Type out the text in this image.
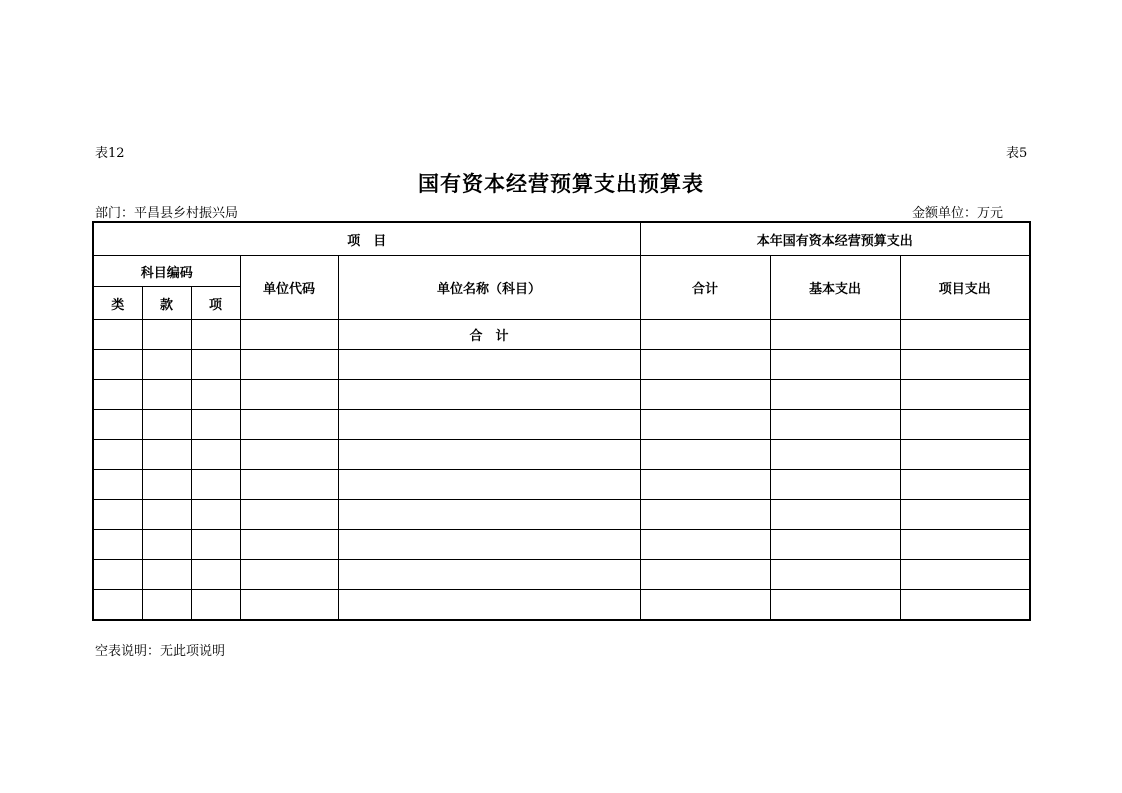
表12	表5
国有资本经营预算支出预算表
部门：平昌县乡村振兴局	金额单位：万元
项　目					本年国有资本经营预算支出		
科目编码			单位代码	单位名称（科目）	合计	基本支出	项目支出
类	款	项					
				合　计			

空表说明：无此项说明
